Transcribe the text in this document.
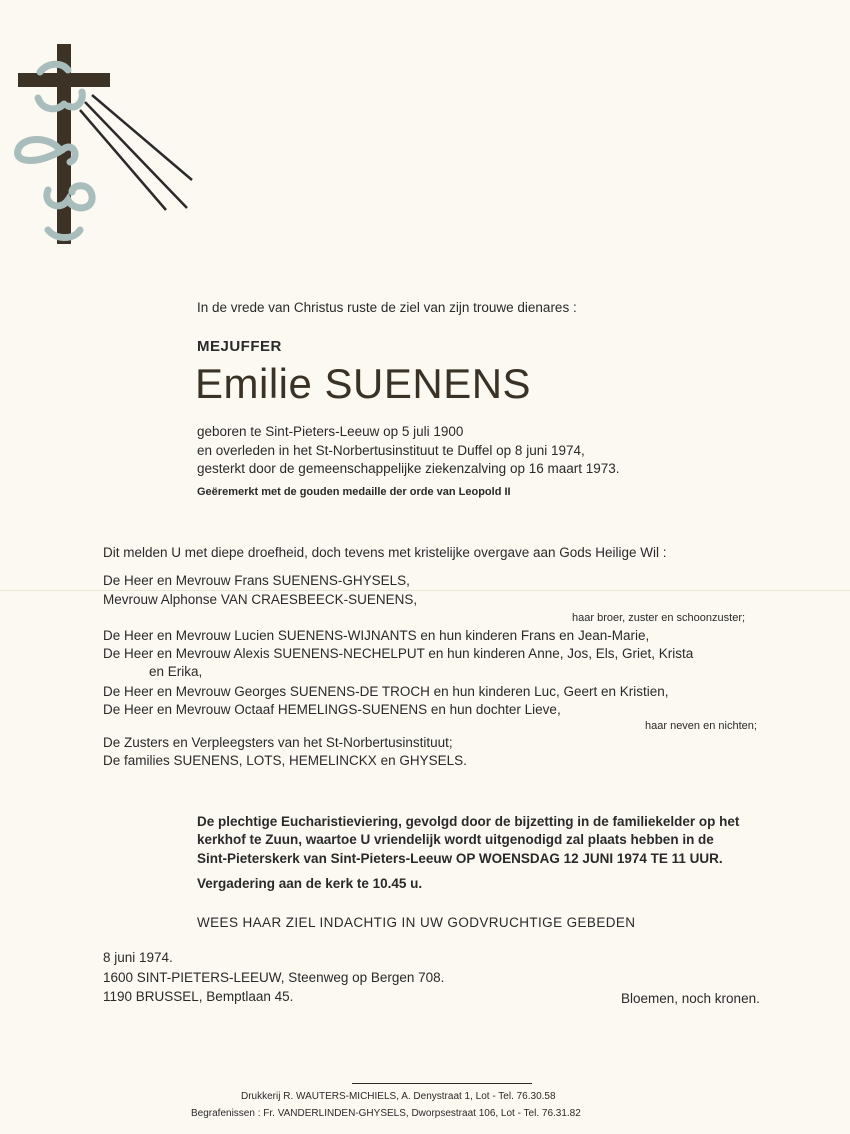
In de vrede van Christus ruste de ziel van zijn trouwe dienares :
MEJUFFER
Emilie SUENENS
geboren te Sint-Pieters-Leeuw op 5 juli 1900
en overleden in het St-Norbertusinstituut te Duffel op 8 juni 1974,
gesterkt door de gemeenschappelijke ziekenzalving op 16 maart 1973.
Geëremerkt met de gouden medaille der orde van Leopold II
Dit melden U met diepe droefheid, doch tevens met kristelijke overgave aan Gods Heilige Wil :
De Heer en Mevrouw Frans SUENENS-GHYSELS,
Mevrouw Alphonse VAN CRAESBEECK-SUENENS,
haar broer, zuster en schoonzuster;
De Heer en Mevrouw Lucien SUENENS-WIJNANTS en hun kinderen Frans en Jean-Marie,
De Heer en Mevrouw Alexis SUENENS-NECHELPUT en hun kinderen Anne, Jos, Els, Griet, Krista
en Erika,
De Heer en Mevrouw Georges SUENENS-DE TROCH en hun kinderen Luc, Geert en Kristien,
De Heer en Mevrouw Octaaf HEMELINGS-SUENENS en hun dochter Lieve,
haar neven en nichten;
De Zusters en Verpleegsters van het St-Norbertusinstituut;
De families SUENENS, LOTS, HEMELINCKX en GHYSELS.
De plechtige Eucharistieviering, gevolgd door de bijzetting in de familiekelder op het
kerkhof te Zuun, waartoe U vriendelijk wordt uitgenodigd zal plaats hebben in de
Sint-Pieterskerk van Sint-Pieters-Leeuw OP WOENSDAG 12 JUNI 1974 TE 11 UUR.
Vergadering aan de kerk te 10.45 u.
WEES HAAR ZIEL INDACHTIG IN UW GODVRUCHTIGE GEBEDEN
8 juni 1974.
1600 SINT-PIETERS-LEEUW, Steenweg op Bergen 708.
1190 BRUSSEL, Bemptlaan 45.	Bloemen, noch kronen.
Drukkerij R. WAUTERS-MICHIELS, A. Denystraat 1, Lot - Tel. 76.30.58
Begrafenissen : Fr. VANDERLINDEN-GHYSELS, Dworpsestraat 106, Lot - Tel. 76.31.82
